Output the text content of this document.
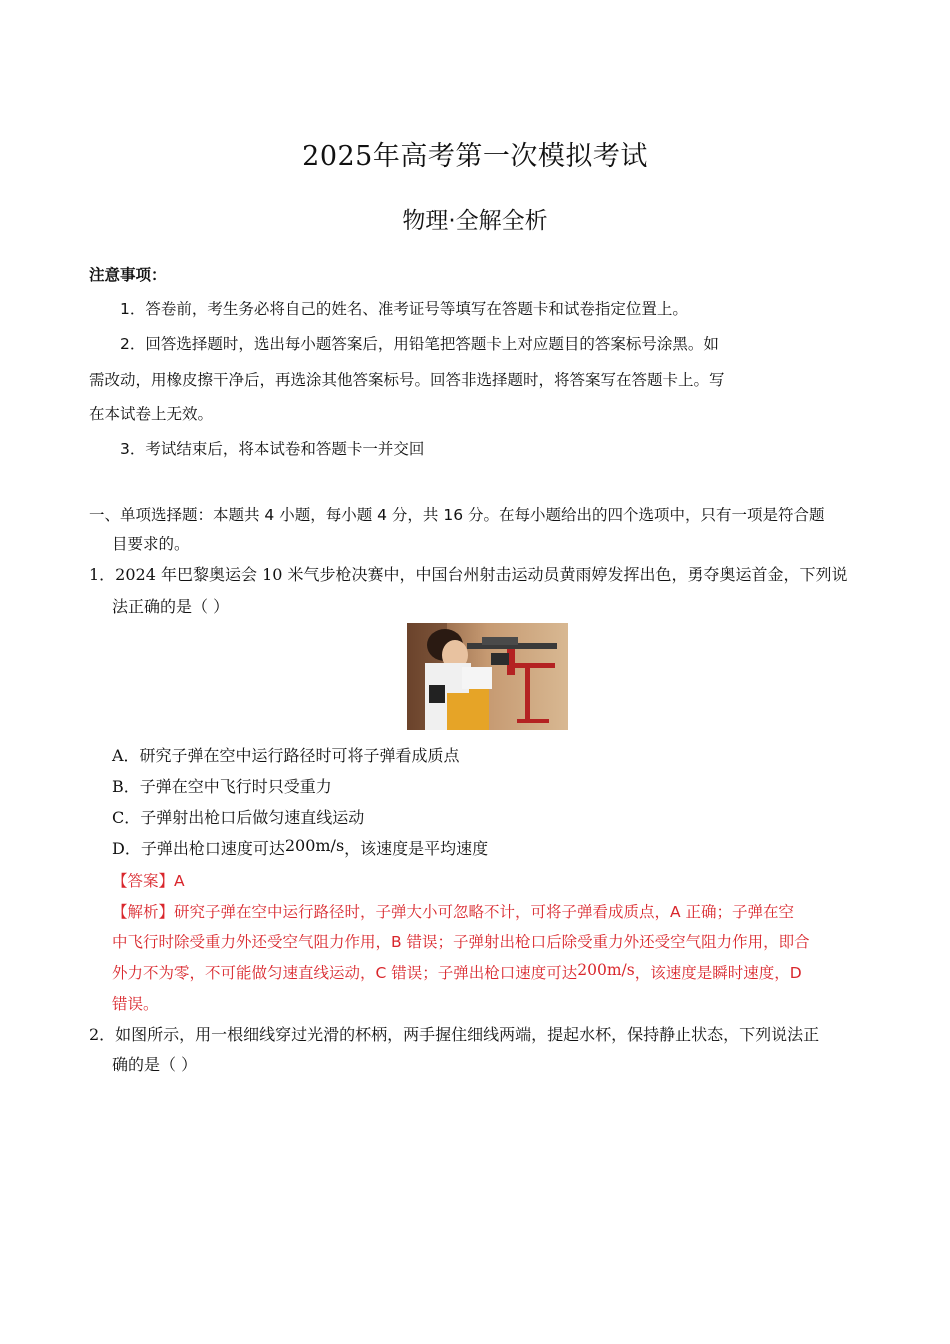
2025年高考第一次模拟考试
物理·全解全析
注意事项：
1．答卷前，考生务必将自己的姓名、准考证号等填写在答题卡和试卷指定位置上。
2．回答选择题时，选出每小题答案后，用铅笔把答题卡上对应题目的答案标号涂黑。如
需改动，用橡皮擦干净后，再选涂其他答案标号。回答非选择题时，将答案写在答题卡上。写
在本试卷上无效。
3．考试结束后，将本试卷和答题卡一并交回
一、单项选择题：本题共 4 小题，每小题 4 分，共 16 分。在每小题给出的四个选项中，只有一项是符合题
目要求的。
1．2024 年巴黎奥运会 10 米气步枪决赛中，中国台州射击运动员黄雨婷发挥出色，勇夺奥运首金，下列说
法正确的是（ ）
A．研究子弹在空中运行路径时可将子弹看成质点
B．子弹在空中飞行时只受重力
C．子弹射出枪口后做匀速直线运动
D．子弹出枪口速度可达200m/s，该速度是平均速度
【答案】A
【解析】研究子弹在空中运行路径时，子弹大小可忽略不计，可将子弹看成质点，A 正确；子弹在空
中飞行时除受重力外还受空气阻力作用，B 错误；子弹射出枪口后除受重力外还受空气阻力作用，即合
外力不为零，不可能做匀速直线运动，C 错误；子弹出枪口速度可达200m/s，该速度是瞬时速度，D
错误。
2．如图所示，用一根细线穿过光滑的杯柄，两手握住细线两端，提起水杯，保持静止状态，下列说法正
确的是（ ）
